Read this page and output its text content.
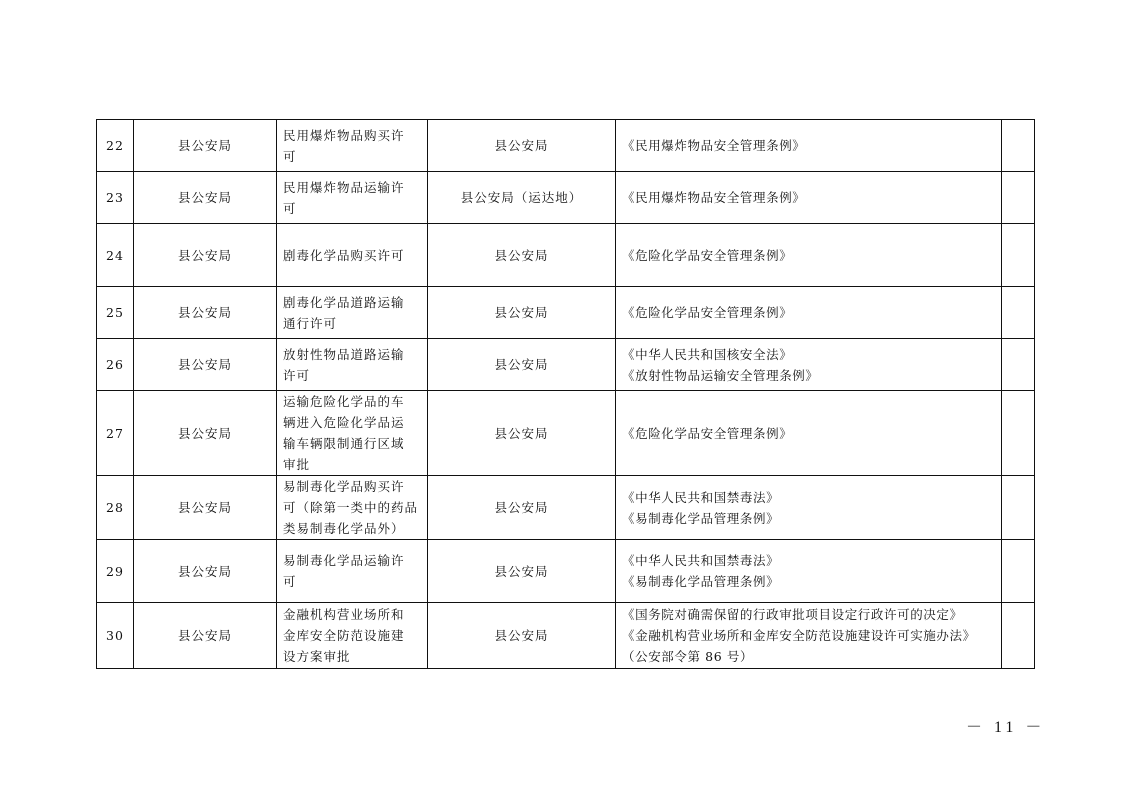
22	县公安局	民用爆炸物品购买许
可	县公安局	《民用爆炸物品安全管理条例》	

23	县公安局	民用爆炸物品运输许
可	县公安局（运达地）	《民用爆炸物品安全管理条例》	

24	县公安局	剧毒化学品购买许可	县公安局	《危险化学品安全管理条例》	

25	县公安局	剧毒化学品道路运输
通行许可	县公安局	《危险化学品安全管理条例》	

26	县公安局	放射性物品道路运输
许可	县公安局	《中华人民共和国核安全法》
《放射性物品运输安全管理条例》	

27	县公安局	运输危险化学品的车
辆进入危险化学品运
输车辆限制通行区域
审批	县公安局	《危险化学品安全管理条例》	

28	县公安局	易制毒化学品购买许
可（除第一类中的药品
类易制毒化学品外）	县公安局	《中华人民共和国禁毒法》
《易制毒化学品管理条例》	

29	县公安局	易制毒化学品运输许
可	县公安局	《中华人民共和国禁毒法》
《易制毒化学品管理条例》	

30	县公安局	金融机构营业场所和
金库安全防范设施建
设方案审批	县公安局	《国务院对确需保留的行政审批项目设定行政许可的决定》
《金融机构营业场所和金库安全防范设施建设许可实施办法》
（公安部令第 86 号）	

－ 11 －
